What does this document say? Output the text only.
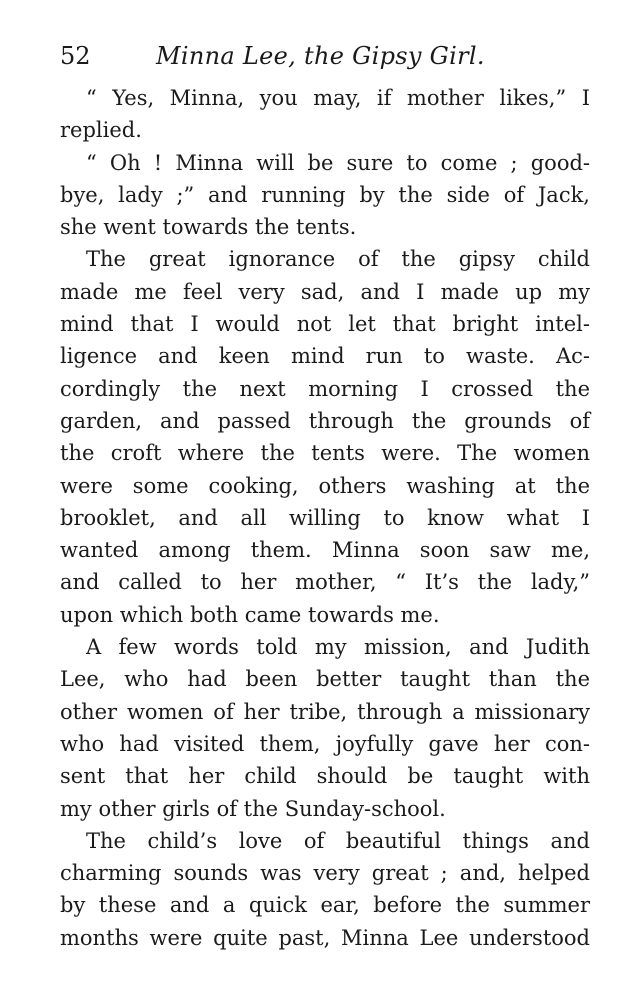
52	Minna Lee, the Gipsy Girl.

“ Yes, Minna, you may, if mother likes,” I
replied.

“ Oh ! Minna will be sure to come ; good-
bye, lady ;” and running by the side of Jack,
she went towards the tents.

The great ignorance of the gipsy child
made me feel very sad, and I made up my
mind that I would not let that bright intel-
ligence and keen mind run to waste. Ac-
cordingly the next morning I crossed the
garden, and passed through the grounds of
the croft where the tents were. The women
were some cooking, others washing at the
brooklet, and all willing to know what I
wanted among them. Minna soon saw me,
and called to her mother, “ It’s the lady,”
upon which both came towards me.

A few words told my mission, and Judith
Lee, who had been better taught than the
other women of her tribe, through a missionary
who had visited them, joyfully gave her con-
sent that her child should be taught with
my other girls of the Sunday-school.

The child’s love of beautiful things and
charming sounds was very great ; and, helped
by these and a quick ear, before the summer
months were quite past, Minna Lee understood
